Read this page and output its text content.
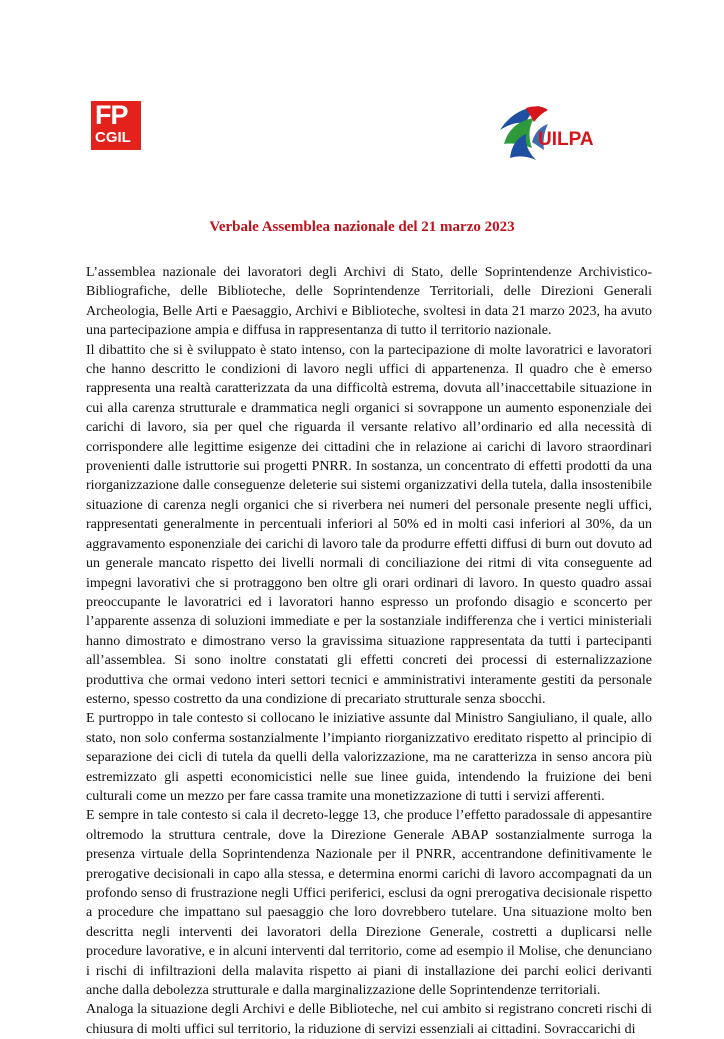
FP
CGIL	UILPA
Verbale Assemblea nazionale del 21 marzo 2023

L’assemblea nazionale dei lavoratori degli Archivi di Stato, delle Soprintendenze Archivistico-Bibliografiche, delle Biblioteche, delle Soprintendenze Territoriali, delle Direzioni Generali Archeologia, Belle Arti e Paesaggio, Archivi e Biblioteche, svoltesi in data 21 marzo 2023, ha avuto una partecipazione ampia e diffusa in rappresentanza di tutto il territorio nazionale.

Il dibattito che si è sviluppato è stato intenso, con la partecipazione di molte lavoratrici e lavoratori che hanno descritto le condizioni di lavoro negli uffici di appartenenza. Il quadro che è emerso rappresenta una realtà caratterizzata da una difficoltà estrema, dovuta all’inaccettabile situazione in cui alla carenza strutturale e drammatica negli organici si sovrappone un aumento esponenziale dei carichi di lavoro, sia per quel che riguarda il versante relativo all’ordinario ed alla necessità di corrispondere alle legittime esigenze dei cittadini che in relazione ai carichi di lavoro straordinari provenienti dalle istruttorie sui progetti PNRR. In sostanza, un concentrato di effetti prodotti da una riorganizzazione dalle conseguenze deleterie sui sistemi organizzativi della tutela, dalla insostenibile situazione di carenza negli organici che si riverbera nei numeri del personale presente negli uffici, rappresentati generalmente in percentuali inferiori al 50% ed in molti casi inferiori al 30%, da un aggravamento esponenziale dei carichi di lavoro tale da produrre effetti diffusi di burn out dovuto ad un generale mancato rispetto dei livelli normali di conciliazione dei ritmi di vita conseguente ad impegni lavorativi che si protraggono ben oltre gli orari ordinari di lavoro. In questo quadro assai preoccupante le lavoratrici ed i lavoratori hanno espresso un profondo disagio e sconcerto per l’apparente assenza di soluzioni immediate e per la sostanziale indifferenza che i vertici ministeriali hanno dimostrato e dimostrano verso la gravissima situazione rappresentata da tutti i partecipanti all’assemblea. Si sono inoltre constatati gli effetti concreti dei processi di esternalizzazione produttiva che ormai vedono interi settori tecnici e amministrativi interamente gestiti da personale esterno, spesso costretto da una condizione di precariato strutturale senza sbocchi.

E purtroppo in tale contesto si collocano le iniziative assunte dal Ministro Sangiuliano, il quale, allo stato, non solo conferma sostanzialmente l’impianto riorganizzativo ereditato rispetto al principio di separazione dei cicli di tutela da quelli della valorizzazione, ma ne caratterizza in senso ancora più estremizzato gli aspetti economicistici nelle sue linee guida, intendendo la fruizione dei beni culturali come un mezzo per fare cassa tramite una monetizzazione di tutti i servizi afferenti.

E sempre in tale contesto si cala il decreto-legge 13, che produce l’effetto paradossale di appesantire oltremodo la struttura centrale, dove la Direzione Generale ABAP sostanzialmente surroga la presenza virtuale della Soprintendenza Nazionale per il PNRR, accentrandone definitivamente le prerogative decisionali in capo alla stessa, e determina enormi carichi di lavoro accompagnati da un profondo senso di frustrazione negli Uffici periferici, esclusi da ogni prerogativa decisionale rispetto a procedure che impattano sul paesaggio che loro dovrebbero tutelare. Una situazione molto ben descritta negli interventi dei lavoratori della Direzione Generale, costretti a duplicarsi nelle procedure lavorative, e in alcuni interventi dal territorio, come ad esempio il Molise, che denunciano i rischi di infiltrazioni della malavita rispetto ai piani di installazione dei parchi eolici derivanti anche dalla debolezza strutturale e dalla marginalizzazione delle Soprintendenze territoriali.

Analoga la situazione degli Archivi e delle Biblioteche, nel cui ambito si registrano concreti rischi di chiusura di molti uffici sul territorio, la riduzione di servizi essenziali ai cittadini. Sovraccarichi di
